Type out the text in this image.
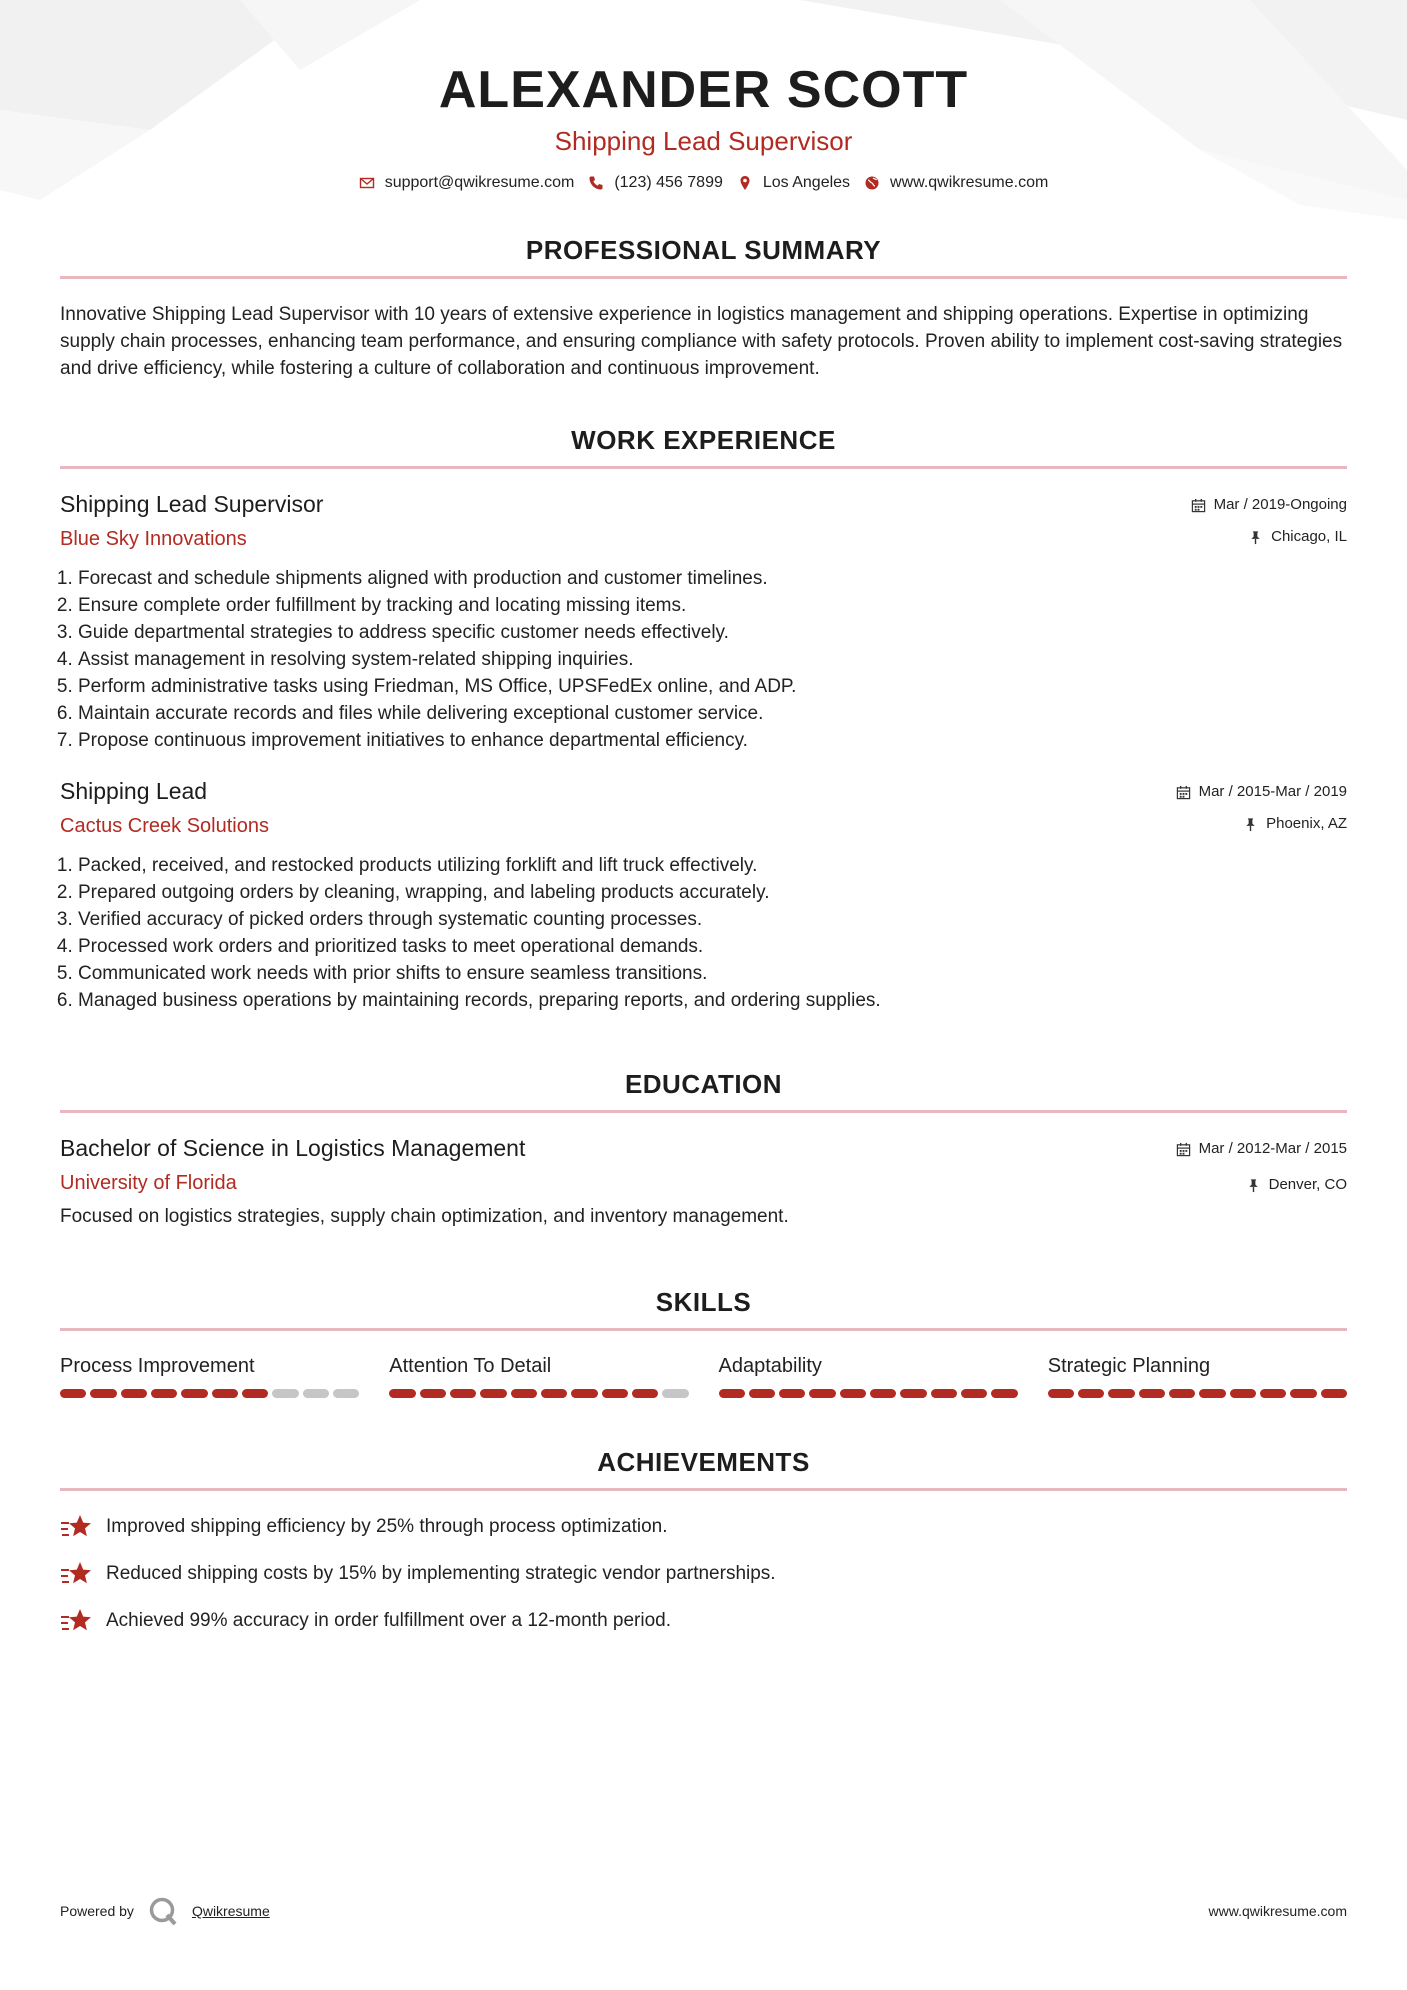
ALEXANDER SCOTT
Shipping Lead Supervisor
support@qwikresume.com	(123) 456 7899	Los Angeles	www.qwikresume.com
PROFESSIONAL SUMMARY
Innovative Shipping Lead Supervisor with 10 years of extensive experience in logistics management and shipping operations. Expertise in optimizing supply chain processes, enhancing team performance, and ensuring compliance with safety protocols. Proven ability to implement cost-saving strategies and drive efficiency, while fostering a culture of collaboration and continuous improvement.
WORK EXPERIENCE
Shipping Lead Supervisor
Blue Sky Innovations
Mar / 2019-Ongoing
Chicago, IL
1. Forecast and schedule shipments aligned with production and customer timelines.
2. Ensure complete order fulfillment by tracking and locating missing items.
3. Guide departmental strategies to address specific customer needs effectively.
4. Assist management in resolving system-related shipping inquiries.
5. Perform administrative tasks using Friedman, MS Office, UPSFedEx online, and ADP.
6. Maintain accurate records and files while delivering exceptional customer service.
7. Propose continuous improvement initiatives to enhance departmental efficiency.
Shipping Lead
Cactus Creek Solutions
Mar / 2015-Mar / 2019
Phoenix, AZ
1. Packed, received, and restocked products utilizing forklift and lift truck effectively.
2. Prepared outgoing orders by cleaning, wrapping, and labeling products accurately.
3. Verified accuracy of picked orders through systematic counting processes.
4. Processed work orders and prioritized tasks to meet operational demands.
5. Communicated work needs with prior shifts to ensure seamless transitions.
6. Managed business operations by maintaining records, preparing reports, and ordering supplies.
EDUCATION
Bachelor of Science in Logistics Management
University of Florida
Mar / 2012-Mar / 2015
Denver, CO
Focused on logistics strategies, supply chain optimization, and inventory management.
SKILLS
Process Improvement	Attention To Detail	Adaptability	Strategic Planning
ACHIEVEMENTS
Improved shipping efficiency by 25% through process optimization.
Reduced shipping costs by 15% by implementing strategic vendor partnerships.
Achieved 99% accuracy in order fulfillment over a 12-month period.
Powered by	Qwikresume	www.qwikresume.com
